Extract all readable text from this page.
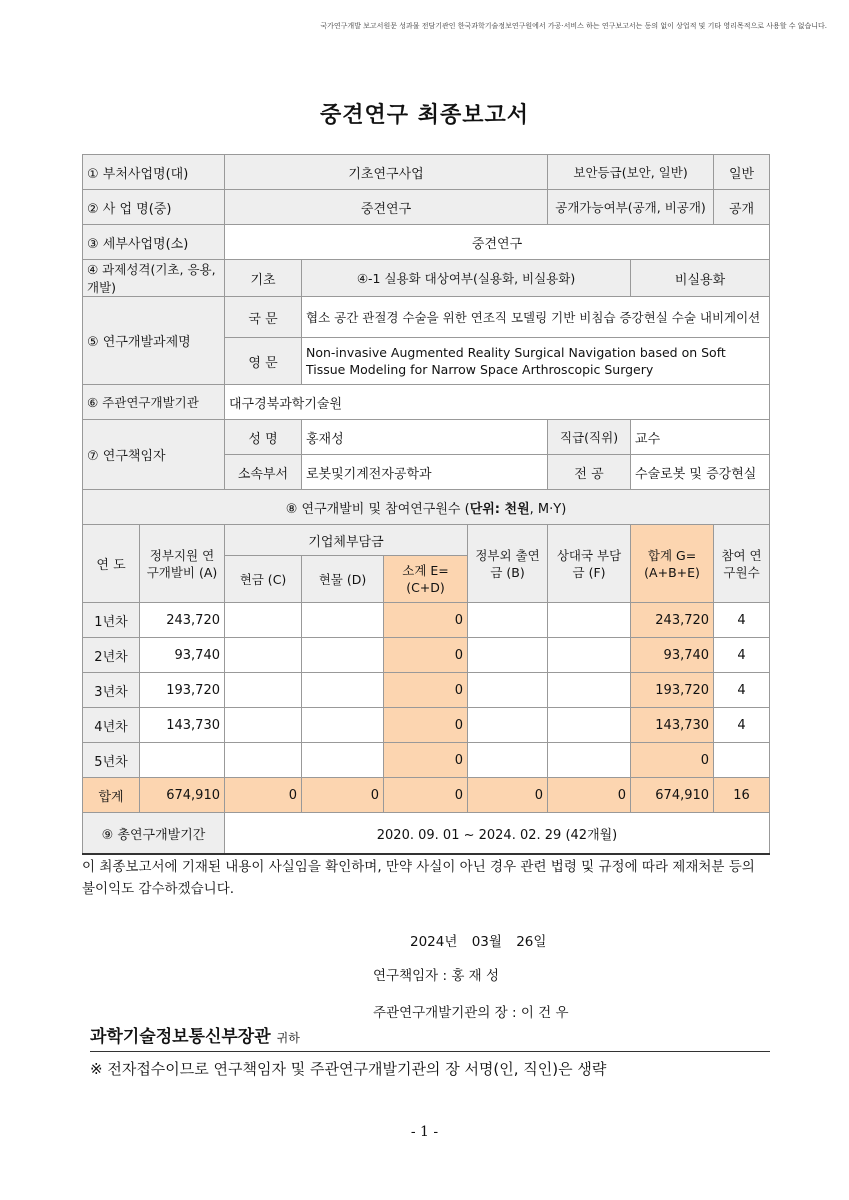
국가연구개발 보고서원문 성과물 전담기관인 한국과학기술정보연구원에서 가공·서비스 하는 연구보고서는 동의 없이 상업적 및 기타 영리목적으로 사용할 수 없습니다.
중견연구 최종보고서
① 부처사업명(대)		기초연구사업				보안등급(보안, 일반)		일반
② 사 업 명(중)		중견연구				공개가능여부(공개, 비공개)		공개
③ 세부사업명(소)		중견연구						
④ 과제성격(기초, 응용, 개발)		기초	④-1 실용화 대상여부(실용화, 비실용화)				비실용화	
⑤ 연구개발과제명		국 문	협소 공간 관절경 수술을 위한 연조직 모델링 기반 비침습 증강현실 수술 내비게이션					
		영 문	Non-invasive Augmented Reality Surgical Navigation based on Soft Tissue Modeling for Narrow Space Arthroscopic Surgery					
⑥ 주관연구개발기관		대구경북과학기술원						
⑦ 연구책임자		성 명	홍재성			직급(직위)	교수	
		소속부서	로봇및기계전자공학과			전 공	수술로봇 및 증강현실	
⑧ 연구개발비 및 참여연구원수 (단위: 천원, M·Y)								
연 도	정부지원 연구개발비 (A)	기업체부담금			정부외 출연금 (B)	상대국 부담금 (F)	합계 G=(A+B+E)	참여 연구원수
		현금 (C)	현물 (D)	소계 E=(C+D)				
1년차	243,720			0			243,720	4
2년차	93,740			0			93,740	4
3년차	193,720			0			193,720	4
4년차	143,730			0			143,730	4
5년차				0			0	
합계	674,910	0	0	0	0	0	674,910	16
⑨ 총연구개발기간		2020. 09. 01 ~ 2024. 02. 29 (42개월)						
이 최종보고서에 기재된 내용이 사실임을 확인하며, 만약 사실이 아닌 경우 관련 법령 및 규정에 따라 제재처분 등의 불이익도 감수하겠습니다.
2024년 03월 26일
연구책임자 : 홍 재 성
주관연구개발기관의 장 : 이 건 우
과학기술정보통신부장관 귀하
※ 전자접수이므로 연구책임자 및 주관연구개발기관의 장 서명(인, 직인)은 생략
- 1 -
